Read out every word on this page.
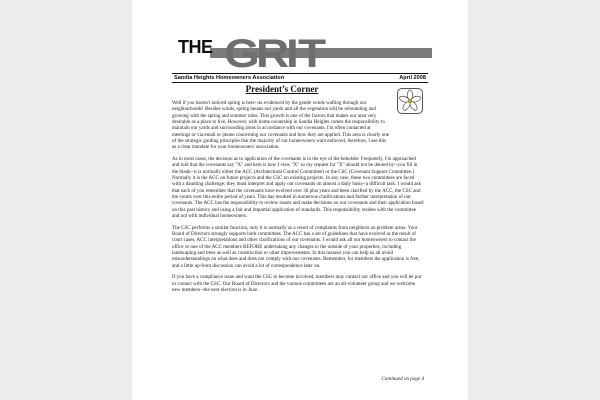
THE G
R
I T
Sandia Heights Homeowners Association	April 2008
President’s Corner

Well if you haven't noticed spring is here--as evidenced by the gentle winds wafting through our neighborhoods! Besides winds, spring means our yards and all the vegetation will be rebounding and growing with the spring and summer rains. This growth is one of the factors that makes our area very desirable as a place to live. However, with home ownership in Sandia Heights comes the responsibility to maintain our yards and surrounding areas in accordance with our covenants. I'm often contacted at meetings or via email or phone concerning our covenants and how they are applied. This area is clearly one of the strategic guiding principles that the majority of our homeowners want enforced, therefore, I see this as a clear mandate for your homeowners' association.

As in most cases, the decision as to application of the covenants is in the eye of the beholder. Frequently, I'm approached and told that the covenants say "X" and here is how I view "X" so my request for "X" should not be denied by--you fill in the blank--it is normally either the ACC (Architectural Control Committee) or the CSC (Covenant Support Committee.) Normally it is the ACC on future projects and the CSC on existing projects. In any case, these two committees are faced with a daunting challenge; they must interpret and apply our covenants on almost a daily basis--a difficult task. I would ask that each of you remember that the covenants have evolved over 30 plus years and been clarified by the ACC, the CSC and the courts over this entire period of years. This has resulted in numerous clarifications and further interpretation of our covenants. The ACC has the responsibility to review issues and make decisions on our covenants and their application based on this past history and using a fair and impartial application of standards. This responsibility resides with the committee and not with individual homeowners.

The CSC performs a similar function, only it is normally as a result of complaints from neighbors on problem areas. Your Board of Directors strongly supports both committees. The ACC has a set of guidelines that have evolved as the result of court cases, ACC interpretations and other clarifications of our covenants. I would ask all our homeowners to contact the office or one of the ACC members BEFORE undertaking any changes to the outside of your properties, including landscaping and trees as well as construction or other improvements. In this manner you can help us all avoid misunderstandings on what does and does not comply with our covenants. Remember, for members the application is free, and a little up-front discussion can avoid a lot of correspondence later on.

If you have a compliance issue and want the CSC to become involved, members may contact our office and you will be put in contact with the CSC. Our Board of Directors and the various committees are an all-volunteer group and we welcome new members--the next election is in June.

Continued on page 4
